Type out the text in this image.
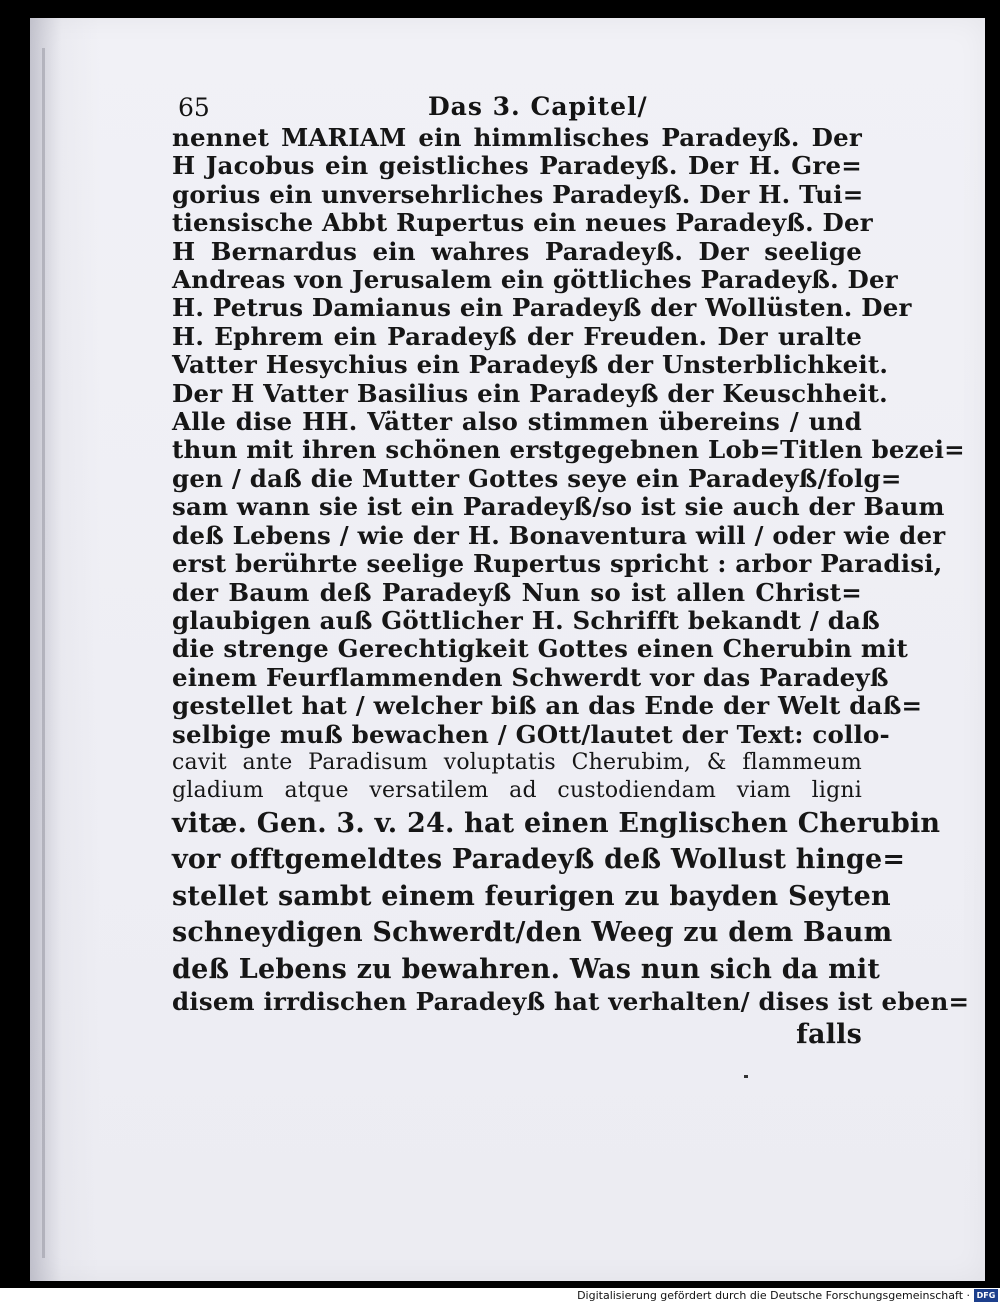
65	Das 3. Capitel/
nennet MARIAM ein himmlisches Paradeyß. Der
H Jacobus ein geistliches Paradeyß. Der H. Gre=
gorius ein unversehrliches Paradeyß. Der H. Tui=
tiensische Abbt Rupertus ein neues Paradeyß. Der
H Bernardus ein wahres Paradeyß. Der seelige
Andreas von Jerusalem ein göttliches Paradeyß. Der
H. Petrus Damianus ein Paradeyß der Wollüsten. Der
H. Ephrem ein Paradeyß der Freuden. Der uralte
Vatter Hesychius ein Paradeyß der Unsterblichkeit.
Der H Vatter Basilius ein Paradeyß der Keuschheit.
Alle dise HH. Vätter also stimmen übereins / und
thun mit ihren schönen erstgegebnen Lob=Titlen bezei=
gen / daß die Mutter Gottes seye ein Paradeyß/folg=
sam wann sie ist ein Paradeyß/so ist sie auch der Baum
deß Lebens / wie der H. Bonaventura will / oder wie der
erst berührte seelige Rupertus spricht : arbor Paradisi,
der Baum deß Paradeyß Nun so ist allen Christ=
glaubigen auß Göttlicher H. Schrifft bekandt / daß
die strenge Gerechtigkeit Gottes einen Cherubin mit
einem Feurflammenden Schwerdt vor das Paradeyß
gestellet hat / welcher biß an das Ende der Welt daß=
selbige muß bewachen / GOtt/lautet der Text: collo-
cavit ante Paradisum voluptatis Cherubim, & flammeum
gladium atque versatilem ad custodiendam viam ligni
vitæ. Gen. 3. v. 24. hat einen Englischen Cherubin
vor offtgemeldtes Paradeyß deß Wollust hinge=
stellet sambt einem feurigen zu bayden Seyten
schneydigen Schwerdt/den Weeg zu dem Baum
deß Lebens zu bewahren. Was nun sich da mit
disem irrdischen Paradeyß hat verhalten/ dises ist eben=
falls
Digitalisierung gefördert durch die Deutsche Forschungsgemeinschaft · DFG
